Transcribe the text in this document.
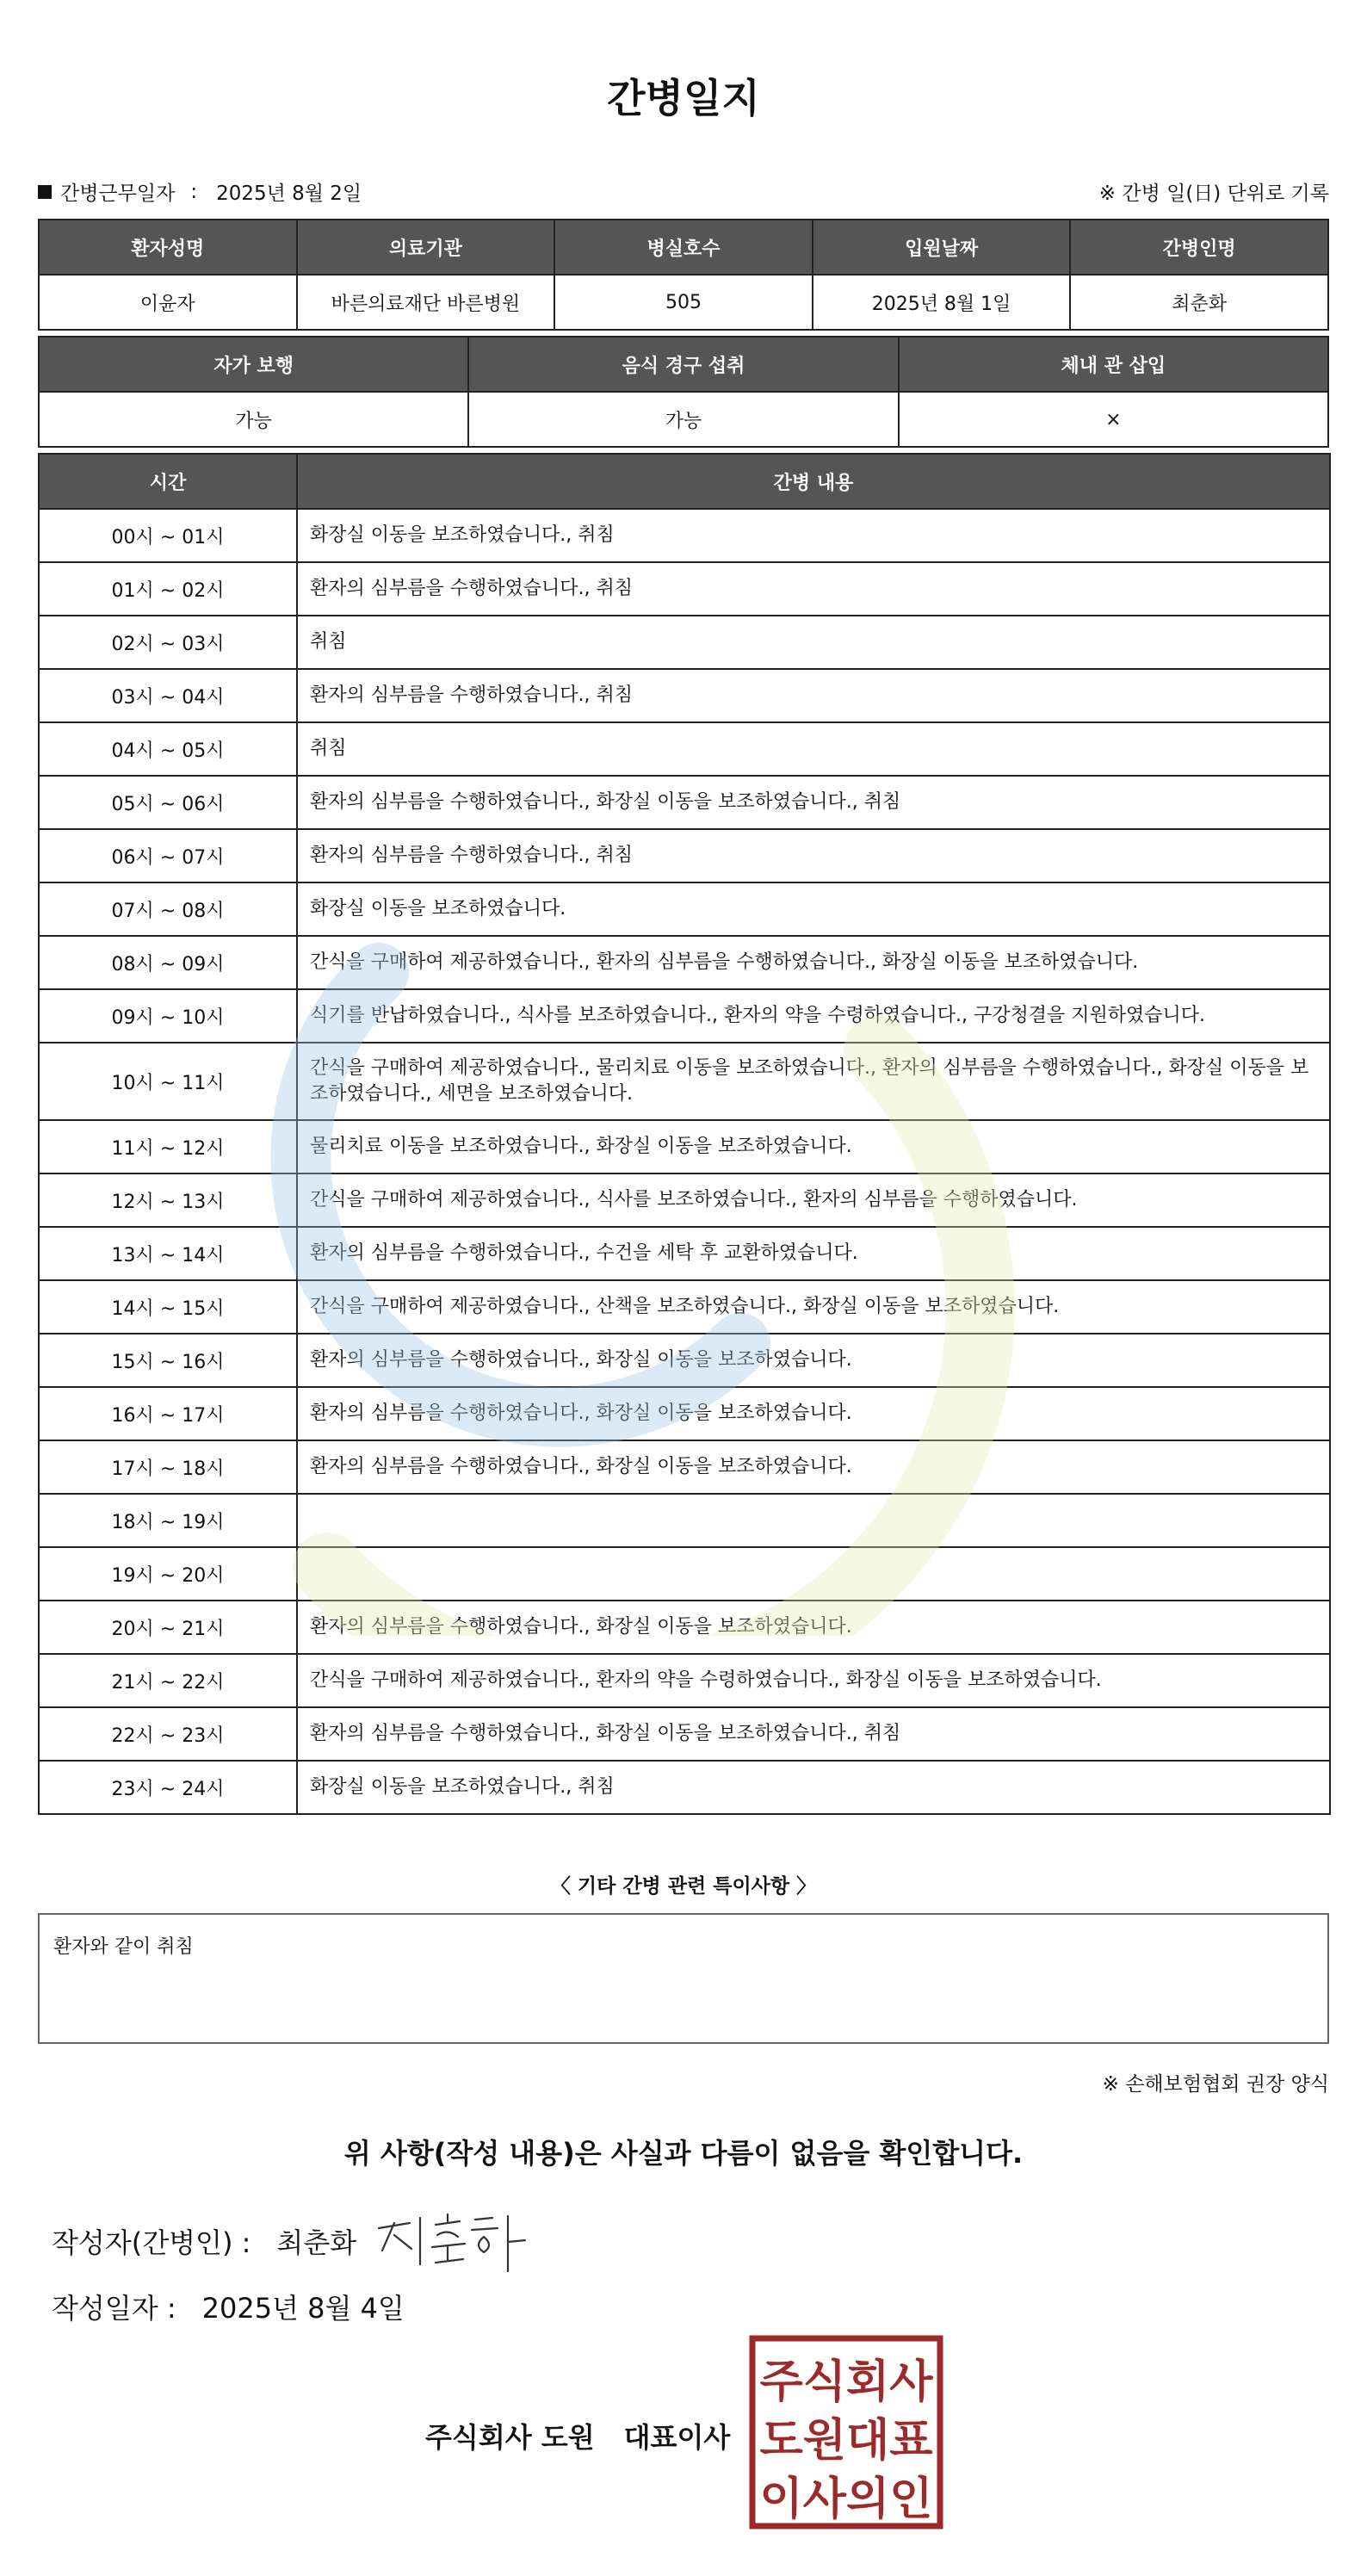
간병일지
간병근무일자 : 2025년 8월 2일	※ 간병 일(日) 단위로 기록
환자성명	의료기관	병실호수	입원날짜	간병인명
이윤자	바른의료재단 바른병원	505	2025년 8월 1일	최춘화
자가 보행	음식 경구 섭취	체내 관 삽입
가능	가능	×
시간	간병 내용
00시 ~ 01시	화장실 이동을 보조하였습니다., 취침
01시 ~ 02시	환자의 심부름을 수행하였습니다., 취침
02시 ~ 03시	취침
03시 ~ 04시	환자의 심부름을 수행하였습니다., 취침
04시 ~ 05시	취침
05시 ~ 06시	환자의 심부름을 수행하였습니다., 화장실 이동을 보조하였습니다., 취침
06시 ~ 07시	환자의 심부름을 수행하였습니다., 취침
07시 ~ 08시	화장실 이동을 보조하였습니다.
08시 ~ 09시	간식을 구매하여 제공하였습니다., 환자의 심부름을 수행하였습니다., 화장실 이동을 보조하였습니다.
09시 ~ 10시	식기를 반납하였습니다., 식사를 보조하였습니다., 환자의 약을 수령하였습니다., 구강청결을 지원하였습니다.
10시 ~ 11시	간식을 구매하여 제공하였습니다., 물리치료 이동을 보조하였습니다., 환자의 심부름을 수행하였습니다., 화장실 이동을 보조하였습니다., 세면을 보조하였습니다.
11시 ~ 12시	물리치료 이동을 보조하였습니다., 화장실 이동을 보조하였습니다.
12시 ~ 13시	간식을 구매하여 제공하였습니다., 식사를 보조하였습니다., 환자의 심부름을 수행하였습니다.
13시 ~ 14시	환자의 심부름을 수행하였습니다., 수건을 세탁 후 교환하였습니다.
14시 ~ 15시	간식을 구매하여 제공하였습니다., 산책을 보조하였습니다., 화장실 이동을 보조하였습니다.
15시 ~ 16시	환자의 심부름을 수행하였습니다., 화장실 이동을 보조하였습니다.
16시 ~ 17시	환자의 심부름을 수행하였습니다., 화장실 이동을 보조하였습니다.
17시 ~ 18시	환자의 심부름을 수행하였습니다., 화장실 이동을 보조하였습니다.
18시 ~ 19시	
19시 ~ 20시	
20시 ~ 21시	환자의 심부름을 수행하였습니다., 화장실 이동을 보조하였습니다.
21시 ~ 22시	간식을 구매하여 제공하였습니다., 환자의 약을 수령하였습니다., 화장실 이동을 보조하였습니다.
22시 ~ 23시	환자의 심부름을 수행하였습니다., 화장실 이동을 보조하였습니다., 취침
23시 ~ 24시	화장실 이동을 보조하였습니다., 취침
〈 기타 간병 관련 특이사항 〉
환자와 같이 취침
※ 손해보험협회 권장 양식
위 사항(작성 내용)은 사실과 다름이 없음을 확인합니다.
작성자(간병인) : 최춘화
작성일자 : 2025년 8월 4일
주식회사 도원 대표이사
주식회사
도원대표
이사의인
